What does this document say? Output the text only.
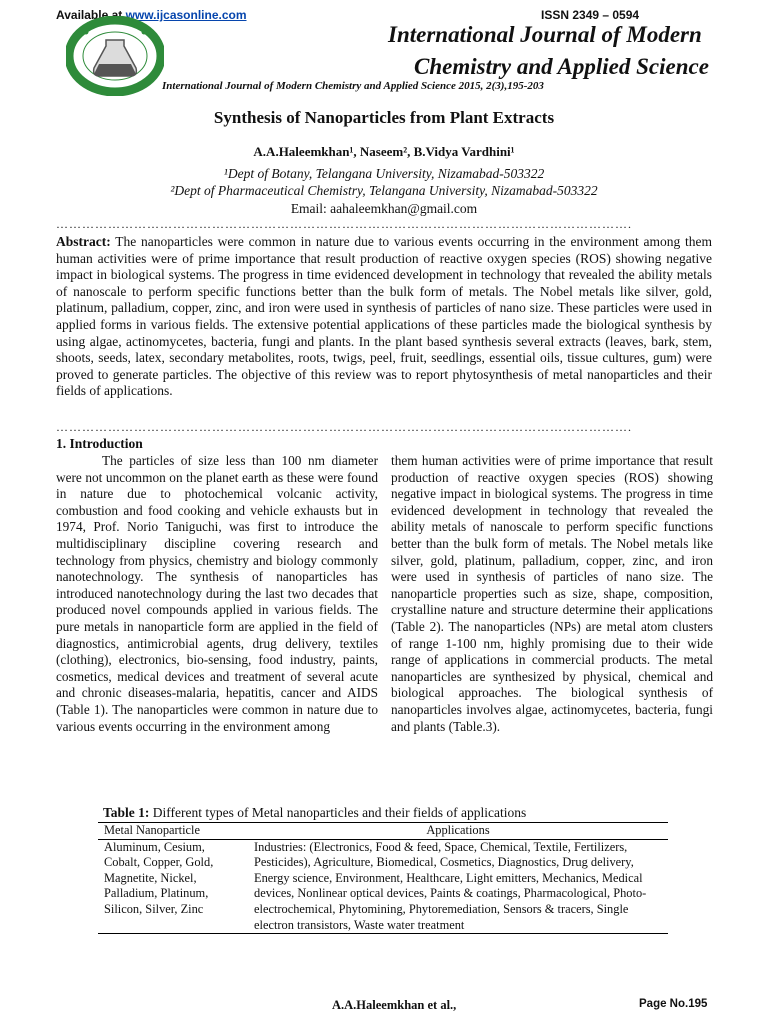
Available at www.ijcasonline.com	ISSN 2349 – 0594
International Journal of Modern
Chemistry and Applied Science
International Journal of Modern Chemistry and Applied Science 2015, 2(3),195-203
Synthesis of Nanoparticles from Plant Extracts
A.A.Haleemkhan¹, Naseem², B.Vidya Vardhini¹
¹Dept of Botany, Telangana University, Nizamabad-503322
²Dept of Pharmaceutical Chemistry, Telangana University, Nizamabad-503322
Email: aahaleemkhan@gmail.com
…………………………………………………………………………………………………………………….
Abstract: The nanoparticles were common in nature due to various events occurring in the environment among them human activities were of prime importance that result production of reactive oxygen species (ROS) showing negative impact in biological systems. The progress in time evidenced development in technology that revealed the ability metals of nanoscale to perform specific functions better than the bulk form of metals. The Nobel metals like silver, gold, platinum, palladium, copper, zinc, and iron were used in synthesis of particles of nano size. These particles were used in applied forms in various fields. The extensive potential applications of these particles made the biological synthesis by using algae, actinomycetes, bacteria, fungi and plants. In the plant based synthesis several extracts (leaves, bark, stem, shoots, seeds, latex, secondary metabolites, roots, twigs, peel, fruit, seedlings, essential oils, tissue cultures, gum) were proved to generate particles. The objective of this review was to report phytosynthesis of metal nanoparticles and their fields of applications.
…………………………………………………………………………………………………………………….
1. Introduction
The particles of size less than 100 nm diameter were not uncommon on the planet earth as these were found in nature due to photochemical volcanic activity, combustion and food cooking and vehicle exhausts but in 1974, Prof. Norio Taniguchi, was first to introduce the multidisciplinary discipline covering research and technology from physics, chemistry and biology commonly nanotechnology. The synthesis of nanoparticles has introduced nanotechnology during the last two decades that produced novel compounds applied in various fields. The pure metals in nanoparticle form are applied in the field of diagnostics, antimicrobial agents, drug delivery, textiles (clothing), electronics, bio-sensing, food industry, paints, cosmetics, medical devices and treatment of several acute and chronic diseases-malaria, hepatitis, cancer and AIDS (Table 1). The nanoparticles were common in nature due to various events occurring in the environment among
them human activities were of prime importance that result production of reactive oxygen species (ROS) showing negative impact in biological systems. The progress in time evidenced development in technology that revealed the ability metals of nanoscale to perform specific functions better than the bulk form of metals. The Nobel metals like silver, gold, platinum, palladium, copper, zinc, and iron were used in synthesis of particles of nano size. The nanoparticle properties such as size, shape, composition, crystalline nature and structure determine their applications (Table 2). The nanoparticles (NPs) are metal atom clusters of range 1-100 nm, highly promising due to their wide range of applications in commercial products. The metal nanoparticles are synthesized by physical, chemical and biological approaches. The biological synthesis of nanoparticles involves algae, actinomycetes, bacteria, fungi and plants (Table.3).
Table 1: Different types of Metal nanoparticles and their fields of applications
Metal Nanoparticle	Applications
Aluminum, Cesium, Cobalt, Copper, Gold, Magnetite, Nickel, Palladium, Platinum, Silicon, Silver, Zinc	Industries: (Electronics, Food & feed, Space, Chemical, Textile, Fertilizers, Pesticides), Agriculture, Biomedical, Cosmetics, Diagnostics, Drug delivery, Energy science, Environment, Healthcare, Light emitters, Mechanics, Medical devices, Nonlinear optical devices, Paints & coatings, Pharmacological, Photo-electrochemical, Phytomining, Phytoremediation, Sensors & tracers, Single electron transistors, Waste water treatment
A.A.Haleemkhan et al.,	Page No.195
